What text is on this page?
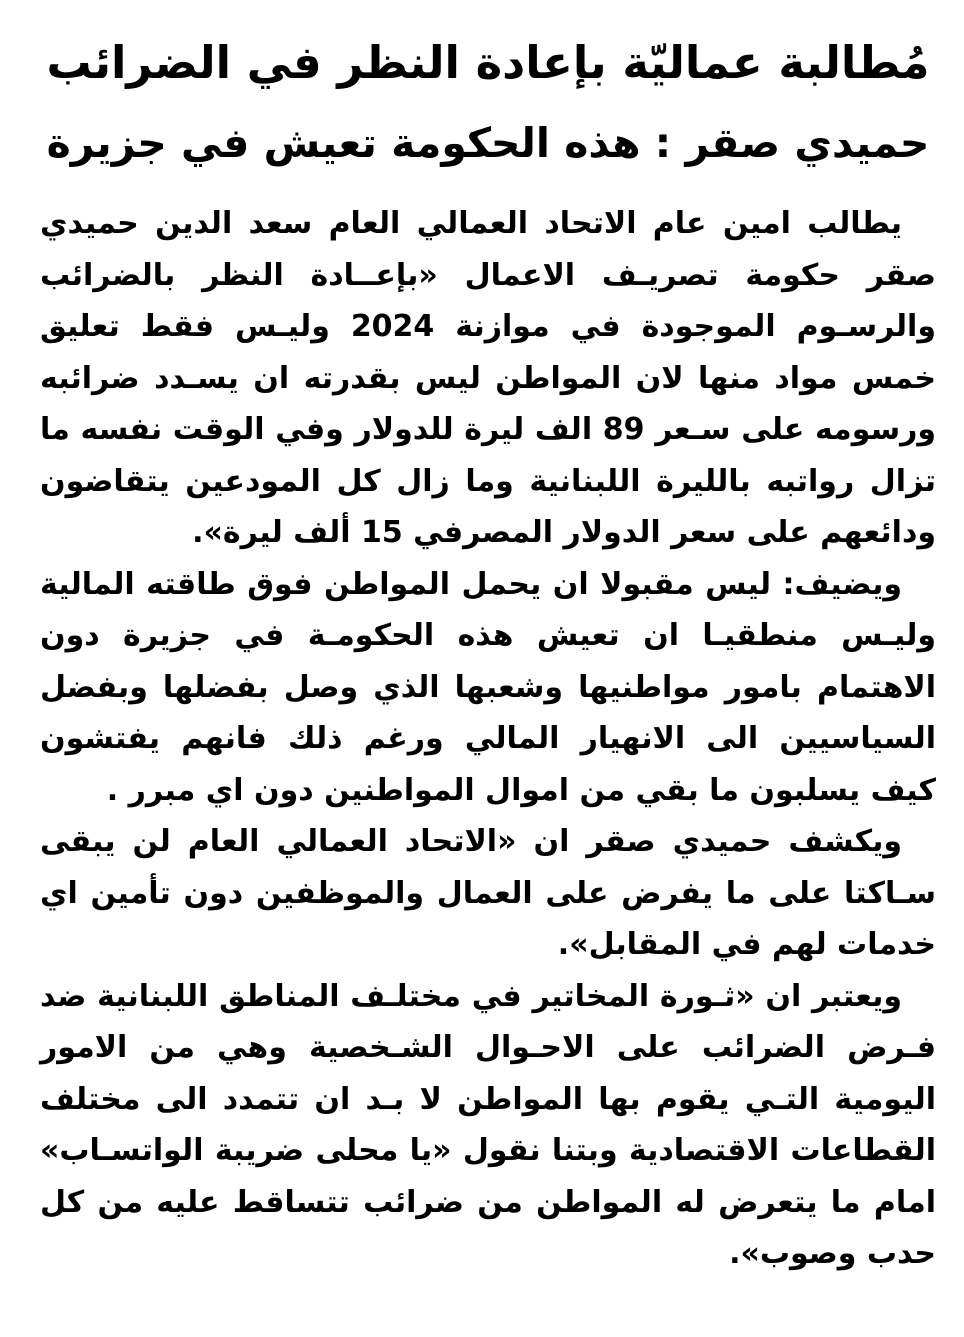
مُطالبة عماليّة بإعادة النظر في الضرائب
حميدي صقر : هذه الحكومة تعيش في جزيرة

يطالب امين عام الاتحاد العمالي العام سعد الدين حميدي صقر حكومة تصريـف الاعمال «بإعــادة النظر بالضرائب والرسـوم الموجودة في موازنة 2024 وليـس فقط تعليق خمس مواد منها لان المواطن ليس بقدرته ان يسـدد ضرائبه ورسومه على سـعر 89 الف ليرة للدولار وفي الوقت نفسه ما تزال رواتبه بالليرة اللبنانية وما زال كل المودعين يتقاضون ودائعهم على سعر الدولار المصرفي 15 ألف ليرة».

ويضيف: ليس مقبولا ان يحمل المواطن فوق طاقته المالية وليـس منطقيـا ان تعيش هذه الحكومـة في جزيرة دون الاهتمام بامور مواطنيها وشعبها الذي وصل بفضلها وبفضل السياسيين الى الانهيار المالي ورغم ذلك فانهم يفتشون كيف يسلبون ما بقي من اموال المواطنين دون اي مبرر .

ويكشف حميدي صقر ان «الاتحاد العمالي العام لن يبقى سـاكتا على ما يفرض على العمال والموظفين دون تأمين اي خدمات لهم في المقابل».

ويعتبر ان «ثـورة المخاتير في مختلـف المناطق اللبنانية ضد فـرض الضرائب على الاحـوال الشـخصية وهي من الامور اليومية التـي يقوم بها المواطن لا بـد ان تتمدد الى مختلف القطاعات الاقتصادية وبتنا نقول «يا محلى ضريبة الواتسـاب» امام ما يتعرض له المواطن من ضرائب تتساقط عليه من كل حدب وصوب».
